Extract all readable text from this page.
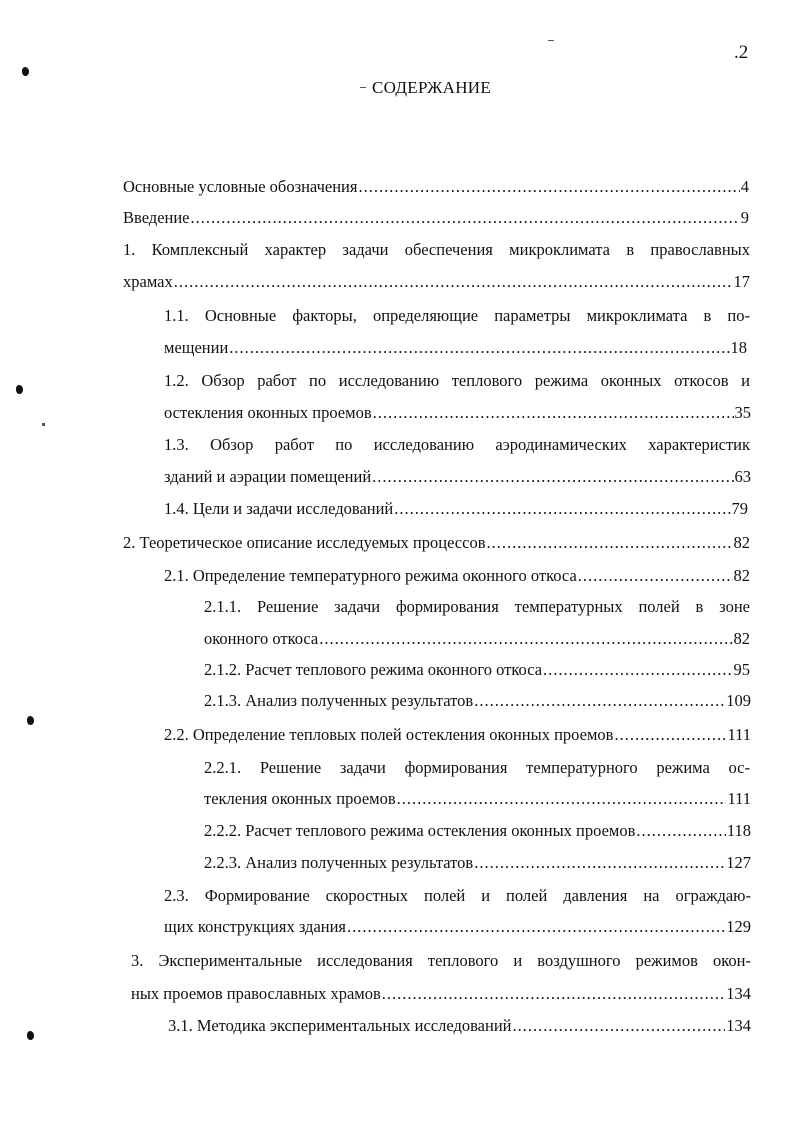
.2
СОДЕРЖАНИЕ
Основные условные обозначения .....	4
Введение .....	9
1. Комплексный характер задачи обеспечения микроклимата в православных
храмах .....	17
1.1. Основные факторы, определяющие параметры микроклимата в по-
мещении .....	18
1.2. Обзор работ по исследованию теплового режима оконных откосов и
остекления оконных проемов .....	35
1.3. Обзор работ по исследованию аэродинамических характеристик
зданий и аэрации помещений .....	63
1.4. Цели и задачи исследований .....	79
2. Теоретическое описание исследуемых процессов .....	82
2.1. Определение температурного режима оконного откоса .....	82
2.1.1. Решение задачи формирования температурных полей в зоне
оконного откоса .....	82
2.1.2. Расчет теплового режима оконного откоса .....	95
2.1.3. Анализ полученных результатов .....	109
2.2. Определение тепловых полей остекления оконных проемов .....	111
2.2.1. Решение задачи формирования температурного режима ос-
текления оконных проемов .....	111
2.2.2. Расчет теплового режима остекления оконных проемов .....	118
2.2.3. Анализ полученных результатов .....	127
2.3. Формирование скоростных полей и полей давления на ограждаю-
щих конструкциях здания .....	129
3. Экспериментальные исследования теплового и воздушного режимов окон-
ных проемов православных храмов .....	134
3.1. Методика экспериментальных исследований .....	134
